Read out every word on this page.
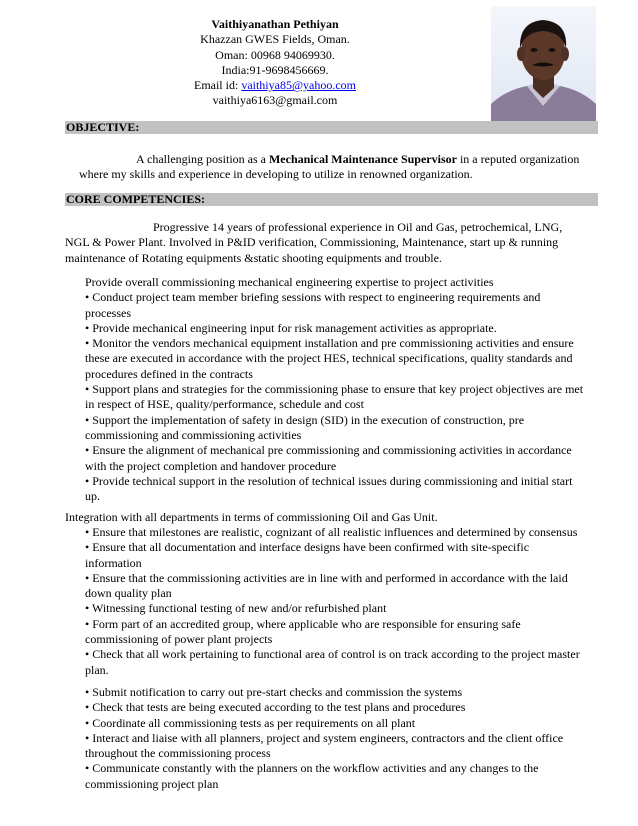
Vaithiyanathan Pethiyan

Khazzan GWES Fields, Oman.

Oman: 00968 94069930.

India:91-9698456669.

Email id: vaithiya85@yahoo.com

vaithiya6163@gmail.com

OBJECTIVE:

A challenging position as a Mechanical Maintenance Supervisor in a reputed organization

where my skills and experience in developing to utilize in renowned organization.

CORE COMPETENCIES:

Progressive 14 years of professional experience in Oil and Gas, petrochemical, LNG,

NGL & Power Plant. Involved in P&ID verification, Commissioning, Maintenance, start up & running

maintenance of Rotating equipments &static shooting equipments and trouble.

Provide overall commissioning mechanical engineering expertise to project activities

• Conduct project team member briefing sessions with respect to engineering requirements and

processes

• Provide mechanical engineering input for risk management activities as appropriate.

• Monitor the vendors mechanical equipment installation and pre commissioning activities and ensure

these are executed in accordance with the project HES, technical specifications, quality standards and

procedures defined in the contracts

• Support plans and strategies for the commissioning phase to ensure that key project objectives are met

in respect of HSE, quality/performance, schedule and cost

• Support the implementation of safety in design (SID) in the execution of construction, pre

commissioning and commissioning activities

• Ensure the alignment of mechanical pre commissioning and commissioning activities in accordance

with the project completion and handover procedure

• Provide technical support in the resolution of technical issues during commissioning and initial start

up.

Integration with all departments in terms of commissioning Oil and Gas Unit.

• Ensure that milestones are realistic, cognizant of all realistic influences and determined by consensus

• Ensure that all documentation and interface designs have been confirmed with site-specific

information

• Ensure that the commissioning activities are in line with and performed in accordance with the laid

down quality plan

• Witnessing functional testing of new and/or refurbished plant

• Form part of an accredited group, where applicable who are responsible for ensuring safe

commissioning of power plant projects

• Check that all work pertaining to functional area of control is on track according to the project master

plan.

• Submit notification to carry out pre-start checks and commission the systems

• Check that tests are being executed according to the test plans and procedures

• Coordinate all commissioning tests as per requirements on all plant

• Interact and liaise with all planners, project and system engineers, contractors and the client office

throughout the commissioning process

• Communicate constantly with the planners on the workflow activities and any changes to the

commissioning project plan
